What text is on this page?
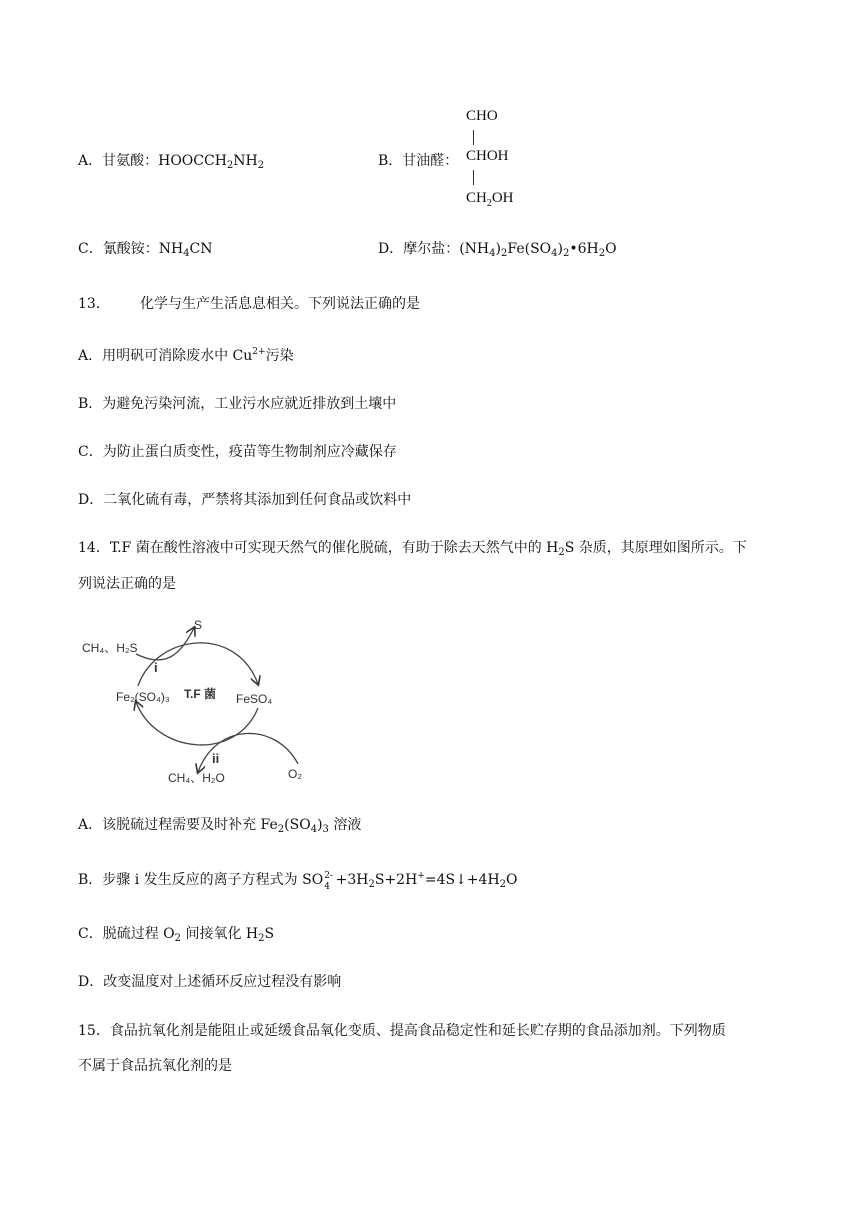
A．甘氨酸：$HOOCCH_2NH_2$	B．甘油醛：
CHO
CHOH
$CH_2OH$
C．氰酸铵：$NH_4CN$	D．摩尔盐：$(NH_4)_2Fe(SO_4)_2•6H_2O$
13． 化学与生产生活息息相关。下列说法正确的是
A．用明矾可消除废水中 $Cu^{2+}$污染
B．为避免污染河流，工业污水应就近排放到土壤中
C．为防止蛋白质变性，疫苗等生物制剂应冷藏保存
D．二氧化硫有毒，严禁将其添加到任何食品或饮料中
14．T.F 菌在酸性溶液中可实现天然气的催化脱硫，有助于除去天然气中的 $H_2S$ 杂质，其原理如图所示。下
列说法正确的是
CH₄、H₂S
S
i
Fe₂(SO₄)₃ T.F 菌 FeSO₄
ii
CH₄、H₂O	O₂
A．该脱硫过程需要及时补充 $Fe_2(SO_4)_3$ 溶液
B．步骤 i 发生反应的离子方程式为 SO 2-
$4 +3H_2S+2H^+=4S↓+4H_2O$
C．脱硫过程 $O_2$ 间接氧化 $H_2S$
D．改变温度对上述循环反应过程没有影响
15．食品抗氧化剂是能阻止或延缓食品氧化变质、提高食品稳定性和延长贮存期的食品添加剂。下列物质
不属于食品抗氧化剂的是
